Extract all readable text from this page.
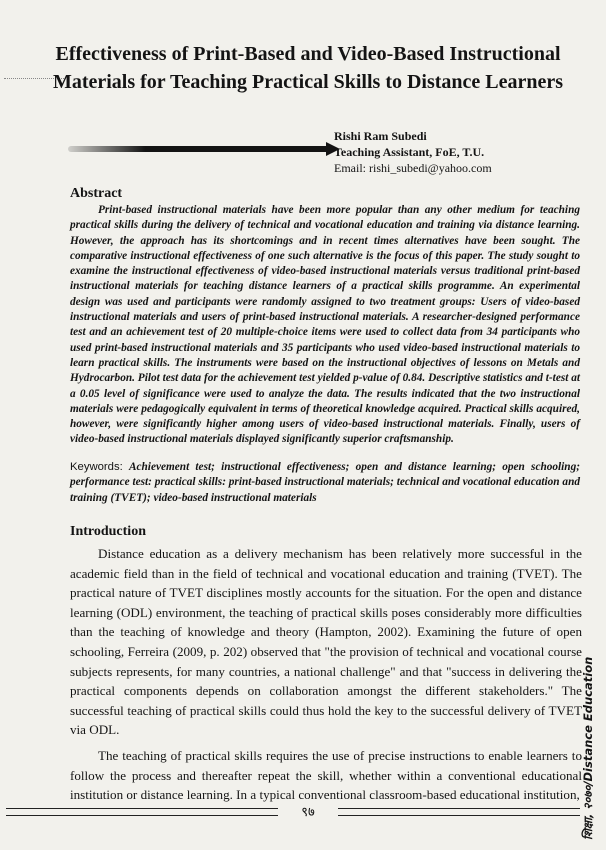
Effectiveness of Print-Based and Video-Based Instructional Materials for Teaching Practical Skills to Distance Learners
Rishi Ram Subedi
Teaching Assistant, FoE, T.U.
Email: rishi_subedi@yahoo.com
Abstract
Print-based instructional materials have been more popular than any other medium for teaching practical skills during the delivery of technical and vocational education and training via distance learning. However, the approach has its shortcomings and in recent times alternatives have been sought. The comparative instructional effectiveness of one such alternative is the focus of this paper. The study sought to examine the instructional effectiveness of video-based instructional materials versus traditional print-based instructional materials for teaching distance learners of a practical skills programme. An experimental design was used and participants were randomly assigned to two treatment groups: Users of video-based instructional materials and users of print-based instructional materials. A researcher-designed performance test and an achievement test of 20 multiple-choice items were used to collect data from 34 participants who used print-based instructional materials and 35 participants who used video-based instructional materials to learn practical skills. The instruments were based on the instructional objectives of lessons on Metals and Hydrocarbon. Pilot test data for the achievement test yielded p-value of 0.84. Descriptive statistics and t-test at a 0.05 level of significance were used to analyze the data. The results indicated that the two instructional materials were pedagogically equivalent in terms of theoretical knowledge acquired. Practical skills acquired, however, were significantly higher among users of video-based instructional materials. Finally, users of video-based instructional materials displayed significantly superior craftsmanship.
Keywords: Achievement test; instructional effectiveness; open and distance learning; open schooling; performance test: practical skills: print-based instructional materials; technical and vocational education and training (TVET); video-based instructional materials
Introduction

Distance education as a delivery mechanism has been relatively more successful in the academic field than in the field of technical and vocational education and training (TVET). The practical nature of TVET disciplines mostly accounts for the situation. For the open and distance learning (ODL) environment, the teaching of practical skills poses considerably more difficulties than the teaching of knowledge and theory (Hampton, 2002). Examining the future of open schooling, Ferreira (2009, p. 202) observed that "the provision of technical and vocational course subjects represents, for many countries, a national challenge" and that "success in delivering the practical components depends on collaboration amongst the different stakeholders." The successful teaching of practical skills could thus hold the key to the successful delivery of TVET via ODL.

The teaching of practical skills requires the use of precise instructions to enable learners to follow the process and thereafter repeat the skill, whether within a conventional educational institution or distance learning. In a typical conventional classroom-based educational institution, शिक्षा, २०७०/Distance Education
९७
